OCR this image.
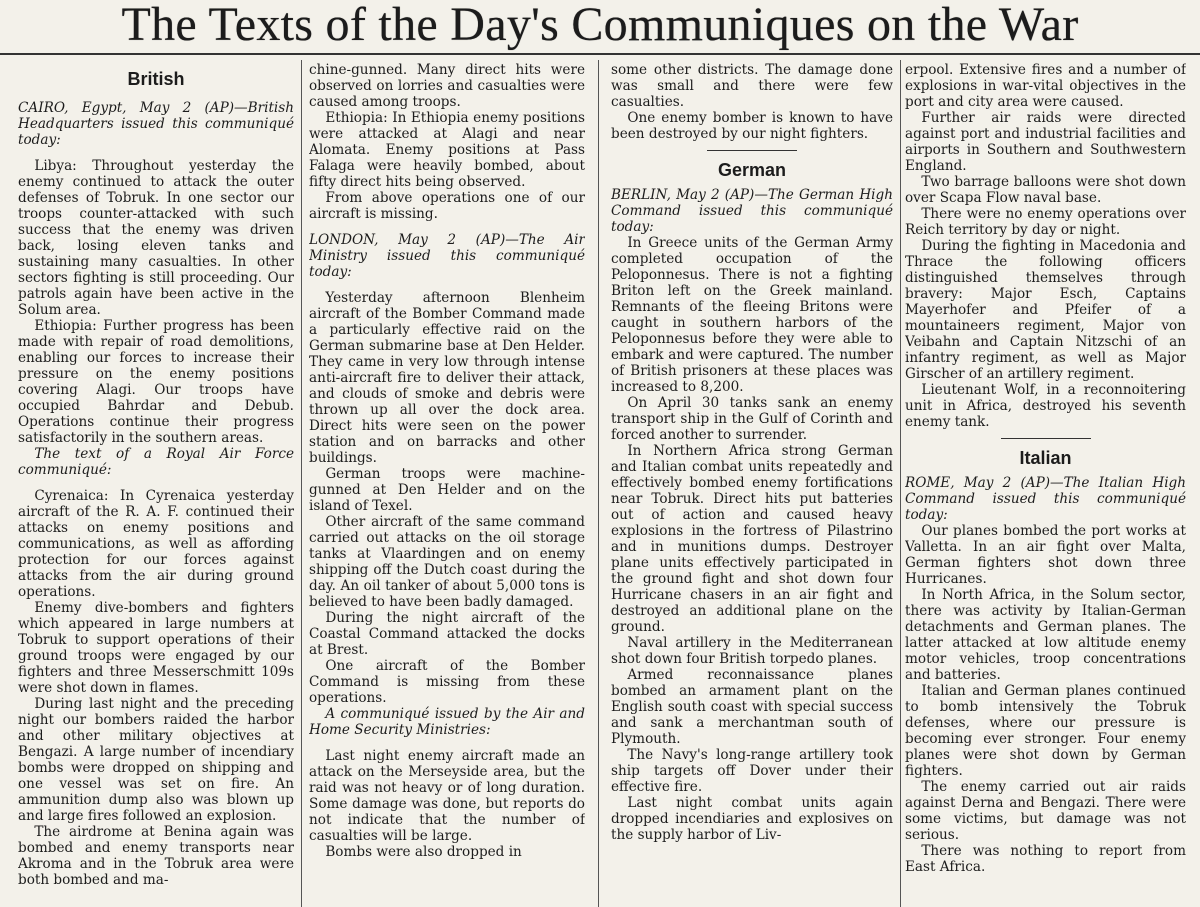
The Texts of the Day's Communiques on the War
British

CAIRO, Egypt, May 2 (AP)—British Headquarters issued this communiqué today:

Libya: Throughout yesterday the enemy continued to attack the outer defenses of Tobruk. In one sector our troops counter-attacked with such success that the enemy was driven back, losing eleven tanks and sustaining many casualties. In other sectors fighting is still proceeding. Our patrols again have been active in the Solum area.

Ethiopia: Further progress has been made with repair of road demolitions, enabling our forces to increase their pressure on the enemy positions covering Alagi. Our troops have occupied Bahrdar and Debub. Operations continue their progress satisfactorily in the southern areas.

The text of a Royal Air Force communiqué:

Cyrenaica: In Cyrenaica yesterday aircraft of the R. A. F. continued their attacks on enemy positions and communications, as well as affording protection for our forces against attacks from the air during ground operations.

Enemy dive-bombers and fighters which appeared in large numbers at Tobruk to support operations of their ground troops were engaged by our fighters and three Messerschmitt 109s were shot down in flames.

During last night and the preceding night our bombers raided the harbor and other military objectives at Bengazi. A large number of incendiary bombs were dropped on shipping and one vessel was set on fire. An ammunition dump also was blown up and large fires followed an explosion.

The airdrome at Benina again was bombed and enemy transports near Akroma and in the Tobruk area were both bombed and ma-

chine-gunned. Many direct hits were observed on lorries and casualties were caused among troops.

Ethiopia: In Ethiopia enemy positions were attacked at Alagi and near Alomata. Enemy positions at Pass Falaga were heavily bombed, about fifty direct hits being observed.

From above operations one of our aircraft is missing.

LONDON, May 2 (AP)—The Air Ministry issued this communiqué today:

Yesterday afternoon Blenheim aircraft of the Bomber Command made a particularly effective raid on the German submarine base at Den Helder. They came in very low through intense anti-aircraft fire to deliver their attack, and clouds of smoke and debris were thrown up all over the dock area. Direct hits were seen on the power station and on barracks and other buildings.

German troops were machine-gunned at Den Helder and on the island of Texel.

Other aircraft of the same command carried out attacks on the oil storage tanks at Vlaardingen and on enemy shipping off the Dutch coast during the day. An oil tanker of about 5,000 tons is believed to have been badly damaged.

During the night aircraft of the Coastal Command attacked the docks at Brest.

One aircraft of the Bomber Command is missing from these operations.

A communiqué issued by the Air and Home Security Ministries:

Last night enemy aircraft made an attack on the Merseyside area, but the raid was not heavy or of long duration. Some damage was done, but reports do not indicate that the number of casualties will be large.

Bombs were also dropped in

some other districts. The damage done was small and there were few casualties.

One enemy bomber is known to have been destroyed by our night fighters.

German

BERLIN, May 2 (AP)—The German High Command issued this communiqué today:

In Greece units of the German Army completed occupation of the Peloponnesus. There is not a fighting Briton left on the Greek mainland. Remnants of the fleeing Britons were caught in southern harbors of the Peloponnesus before they were able to embark and were captured. The number of British prisoners at these places was increased to 8,200.

On April 30 tanks sank an enemy transport ship in the Gulf of Corinth and forced another to surrender.

In Northern Africa strong German and Italian combat units repeatedly and effectively bombed enemy fortifications near Tobruk. Direct hits put batteries out of action and caused heavy explosions in the fortress of Pilastrino and in munitions dumps. Destroyer plane units effectively participated in the ground fight and shot down four Hurricane chasers in an air fight and destroyed an additional plane on the ground.

Naval artillery in the Mediterranean shot down four British torpedo planes.

Armed reconnaissance planes bombed an armament plant on the English south coast with special success and sank a merchantman south of Plymouth.

The Navy's long-range artillery took ship targets off Dover under their effective fire.

Last night combat units again dropped incendiaries and explosives on the supply harbor of Liv-

erpool. Extensive fires and a number of explosions in war-vital objectives in the port and city area were caused.

Further air raids were directed against port and industrial facilities and airports in Southern and Southwestern England.

Two barrage balloons were shot down over Scapa Flow naval base.

There were no enemy operations over Reich territory by day or night.

During the fighting in Macedonia and Thrace the following officers distinguished themselves through bravery: Major Esch, Captains Mayerhofer and Pfeifer of a mountaineers regiment, Major von Veibahn and Captain Nitzschi of an infantry regiment, as well as Major Girscher of an artillery regiment.

Lieutenant Wolf, in a reconnoitering unit in Africa, destroyed his seventh enemy tank.

Italian

ROME, May 2 (AP)—The Italian High Command issued this communiqué today:

Our planes bombed the port works at Valletta. In an air fight over Malta, German fighters shot down three Hurricanes.

In North Africa, in the Solum sector, there was activity by Italian-German detachments and German planes. The latter attacked at low altitude enemy motor vehicles, troop concentrations and batteries.

Italian and German planes continued to bomb intensively the Tobruk defenses, where our pressure is becoming ever stronger. Four enemy planes were shot down by German fighters.

The enemy carried out air raids against Derna and Bengazi. There were some victims, but damage was not serious.

There was nothing to report from East Africa.
